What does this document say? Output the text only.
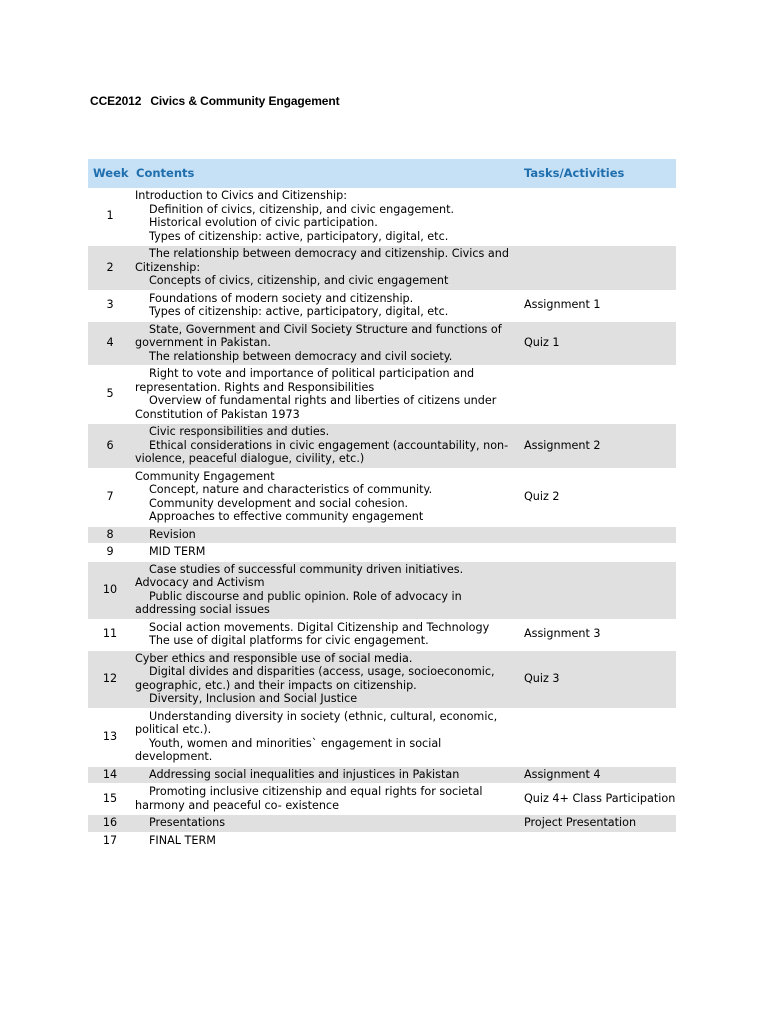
CCE2012 Civics & Community Engagement
Week	Contents	Tasks/Activities
1	Introduction to Civics and Citizenship:
Definition of civics, citizenship, and civic engagement.
Historical evolution of civic participation.
Types of citizenship: active, participatory, digital, etc.	

2	The relationship between democracy and citizenship. Civics and Citizenship:
Concepts of civics, citizenship, and civic engagement	

3	Foundations of modern society and citizenship.
Types of citizenship: active, participatory, digital, etc.	Assignment 1
4	State, Government and Civil Society Structure and functions of government in Pakistan.
The relationship between democracy and civil society.	Quiz 1
5	Right to vote and importance of political participation and representation. Rights and Responsibilities
Overview of fundamental rights and liberties of citizens under Constitution of Pakistan 1973	

6	Civic responsibilities and duties.
Ethical considerations in civic engagement (accountability, non-violence, peaceful dialogue, civility, etc.)	Assignment 2
7	Community Engagement
Concept, nature and characteristics of community.
Community development and social cohesion.
Approaches to effective community engagement	Quiz 2
8	Revision	

9	MID TERM	

10	Case studies of successful community driven initiatives. Advocacy and Activism
Public discourse and public opinion. Role of advocacy in addressing social issues	

11	Social action movements. Digital Citizenship and Technology
The use of digital platforms for civic engagement.	Assignment 3
12	Cyber ethics and responsible use of social media.
Digital divides and disparities (access, usage, socioeconomic, geographic, etc.) and their impacts on citizenship.
Diversity, Inclusion and Social Justice	Quiz 3
13	Understanding diversity in society (ethnic, cultural, economic, political etc.).
Youth, women and minorities` engagement in social development.	

14	Addressing social inequalities and injustices in Pakistan	Assignment 4
15	Promoting inclusive citizenship and equal rights for societal harmony and peaceful co- existence	Quiz 4+ Class Participation
16	Presentations	Project Presentation
17	FINAL TERM	
